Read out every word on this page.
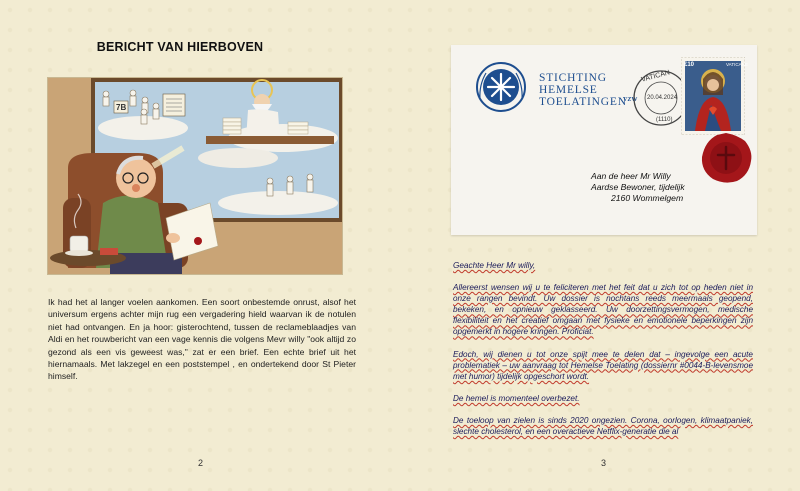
BERICHT VAN HIERBOVEN
7B
Ik had het al langer voelen aankomen. Een soort onbestemde onrust, alsof het universum ergens achter mijn rug een vergadering hield waarvan ik de notulen niet had ontvangen. En ja hoor: gisterochtend, tussen de reclameblaadjes van Aldi en het rouwbericht van een vage kennis die volgens Mevr willy "ook altijd zo gezond als een vis geweest was," zat er een brief. Een echte brief uit het hiernamaals. Met lakzegel en een poststempel , en ondertekend door St Pieter himself.
2
STICHTING
HEMELSE
TOELATINGEN
VZW
VATICAN
20.04.2024
(1110)
£10	VATICANE
Aan de heer Mr Willy
Aardse Bewoner, tijdelijk
2160 Wommelgem

Geachte Heer Mr willy,

Allereerst wensen wij u te feliciteren met het feit dat u zich tot op heden niet in onze rangen bevindt. Uw dossier is nochtans reeds meermaals geopend, bekeken, en opnieuw geklasseerd. Uw doorzettingsvermogen, medische flexibiliteit en het creatief omgaan met fysieke en emotionele beperkingen zijn opgemerkt in hogere kringen. Proficiat.

Edoch, wij dienen u tot onze spijt mee te delen dat – ingevolge een acute problematiek – uw aanvraag tot Hemelse Toelating (dossiernr #0044-B-levensmoe met humor) tijdelijk opgeschort wordt.

De hemel is momenteel overbezet.

De toeloop van zielen is sinds 2020 ongezien. Corona, oorlogen, klimaatpaniek, slechte cholesterol, en een overactieve Netflix-generatie die al

3
